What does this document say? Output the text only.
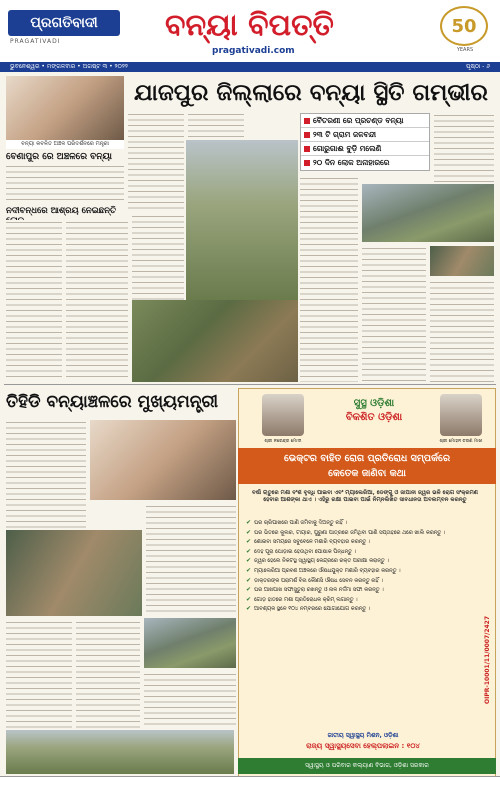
ପ୍ରଗତିବାଦୀ
PRAGATIVADI	ବନ୍ୟା ବିପତ୍ତି
pragativadi.com
50
YEARS
ଭୁବନେଶ୍ୱର • ମଙ୍ଗଳବାର • ଅଗଷ୍ଟ ୩ • ୨୦୨୨	ପୃଷ୍ଠା - ୬
ବନ୍ୟା କବଳିତ ଅଞ୍ଚଳ ପରିଦର୍ଶନରେ ମନ୍ତ୍ରୀ
ଯାଜପୁର ଜିଲ୍ଲାରେ ବନ୍ୟା ସ୍ଥିତି ଗମ୍ଭୀର
ବୈତରଣୀ ରେ ପ୍ରଚଣ୍ଡ ବନ୍ୟା
୨୩ ଟି ଗ୍ରାମ ଜଳବନ୍ଦୀ
ଗୋରୁଗାଈ ବୁଡ଼ି ମଲେଣି
୨୦ ଦିନ ଲୋକ ଅନାହାରରେ
ବେଣାପୁର ରେ ଅଞ୍ଚଳରେ ବନ୍ୟା
ନଦୀବନ୍ଧରେ ଆଶ୍ରୟ ନେଇଛନ୍ତି
ତିହିଡି ବନ୍ୟାଞ୍ଚଳରେ ମୁଖ୍ୟମନ୍ତ୍ରୀ
ଶ୍ରୀ ନରେନ୍ଦ୍ର ମୋଦୀ	ଶ୍ରୀ ମୋହନ ଚରଣ ମାଝୀ
ସୁସ୍ଥ ଓଡ଼ିଶା
ବିକଶିତ ଓଡ଼ିଶା
ଭେକ୍ଟର ବାହିତ ରୋଗ ପ୍ରତିରୋଧ ସମ୍ପର୍କରେ
କେତେକ ଜାଣିବା କଥା
ବର୍ଷା ଋତୁରେ ମଶା ବଂଶ ବୃଦ୍ଧି ପାଇବା ଏବଂ ମ୍ୟାଲେରିଆ, ଡେଙ୍ଗୁ ଓ ଜାପାନୀ ଜ୍ୱର ଭଳି ରୋଗ ସଂକ୍ରମଣ ହେବାର ଆଶଙ୍କା ଥାଏ । ଏହିରୁ ରକ୍ଷା ପାଇବା ପାଇଁ ନିମ୍ନଲିଖିତ ସାବଧାନତା ଅବଲମ୍ବନ କରନ୍ତୁ
✔ ଘର ଚାରିପାଖରେ ପାଣି ଜମିବାକୁ ଦିଅନ୍ତୁ ନାହିଁ ।
✔ ଘର ଭିତରେ କୁଲର, ଟାୟାର, ପୁରୁଣା ପାତ୍ରରେ ଜମିଥିବା ପାଣି ସପ୍ତାହରେ ଥରେ ଖାଲି କରନ୍ତୁ ।
✔ ଶୋଇବା ସମୟରେ ସବୁବେଳେ ମଶାରି ବ୍ୟବହାର କରନ୍ତୁ ।
✔ ଦେହ ପୂରା ଘୋଡ଼ାଇ ହେଉଥିବା ପୋଷାକ ପିନ୍ଧନ୍ତୁ ।
✔ ଜ୍ୱର ହେଲେ ନିକଟସ୍ଥ ସ୍ୱାସ୍ଥ୍ୟ କେନ୍ଦ୍ରରେ ରକ୍ତ ପରୀକ୍ଷା କରାନ୍ତୁ ।
✔ ମ୍ୟାଲେରିଆ ପ୍ରବଣ ଅଞ୍ଚଳରେ ଔଷଧଯୁକ୍ତ ମଶାରି ବ୍ୟବହାର କରନ୍ତୁ ।
✔ ଡାକ୍ତରଙ୍କ ପରାମର୍ଶ ବିନା କୌଣସି ଔଷଧ ସେବନ କରନ୍ତୁ ନାହିଁ ।
✔ ଘର ଆଖପାଖ ସଫାସୁତୁରା ରଖନ୍ତୁ ଓ ନାଳ ନର୍ଦ୍ଦମା ସଫା କରନ୍ତୁ ।
✔ ଗୋଡ଼ ହାତରେ ମଶା ପ୍ରତିରୋଧକ କ୍ରିମ୍ ଲଗାନ୍ତୁ ।
✔ ଆବଶ୍ୟକ ସ୍ଥଳେ ୧୦୪ ନମ୍ବରରେ ଯୋଗାଯୋଗ କରନ୍ତୁ ।
ଜାତୀୟ ସ୍ୱାସ୍ଥ୍ୟ ମିଶନ, ଓଡ଼ିଶା
ରାଜ୍ୟ ସ୍ୱାସ୍ଥ୍ୟସେବା ହେଲ୍ପଲାଇନ : ୧୦୪
ସ୍ୱାସ୍ଥ୍ୟ ଓ ପରିବାର କଲ୍ୟାଣ ବିଭାଗ, ଓଡ଼ିଶା ସରକାର
OIPR-10001/11/0007/2427
